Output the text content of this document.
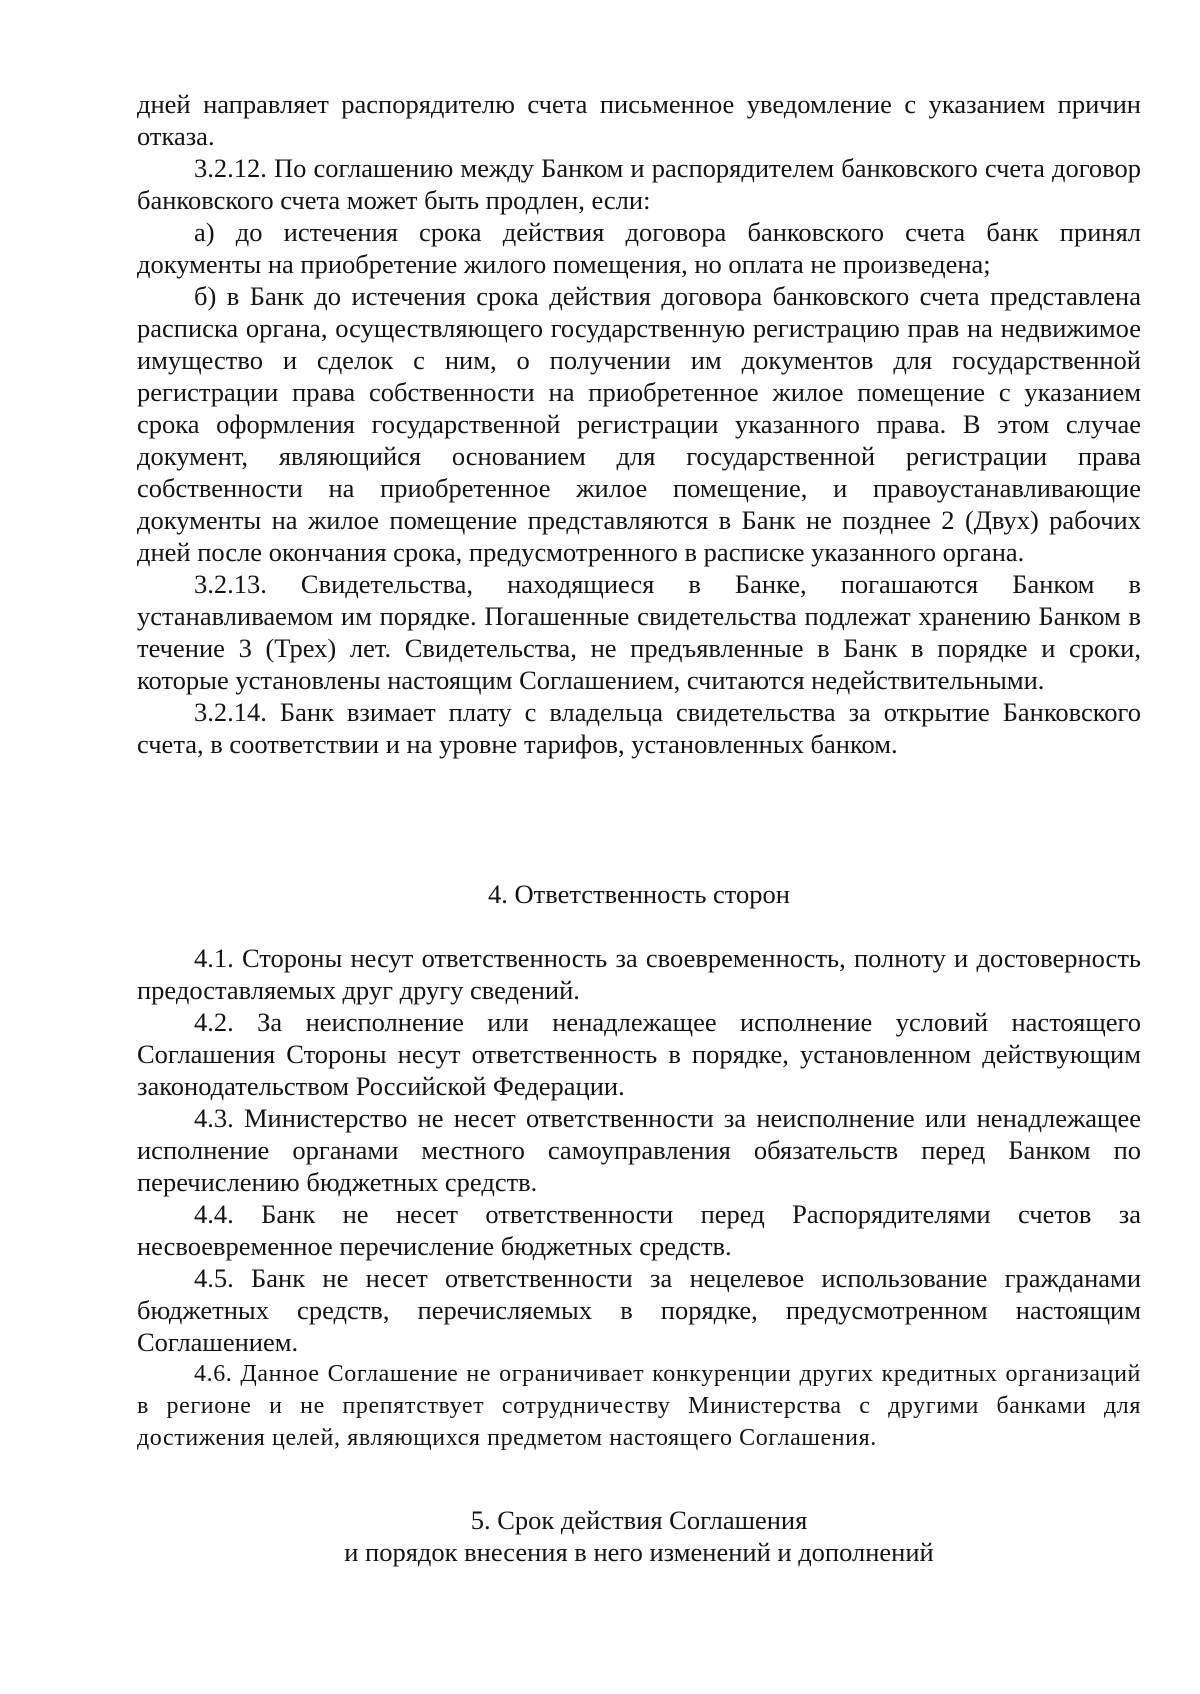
дней направляет распорядителю счета письменное уведомление с указанием причин отказа.

3.2.12. По соглашению между Банком и распорядителем банковского счета договор банковского счета может быть продлен, если:

а) до истечения срока действия договора банковского счета банк принял документы на приобретение жилого помещения, но оплата не произведена;

б) в Банк до истечения срока действия договора банковского счета представлена расписка органа, осуществляющего государственную регистрацию прав на недвижимое имущество и сделок с ним, о получении им документов для государственной регистрации права собственности на приобретенное жилое помещение с указанием срока оформления государственной регистрации указанного права. В этом случае документ, являющийся основанием для государственной регистрации права собственности на приобретенное жилое помещение, и правоустанавливающие документы на жилое помещение представляются в Банк не позднее 2 (Двух) рабочих дней после окончания срока, предусмотренного в расписке указанного органа.

3.2.13. Свидетельства, находящиеся в Банке, погашаются Банком в устанавливаемом им порядке. Погашенные свидетельства подлежат хранению Банком в течение 3 (Трех) лет. Свидетельства, не предъявленные в Банк в порядке и сроки, которые установлены настоящим Соглашением, считаются недействительными.

3.2.14. Банк взимает плату с владельца свидетельства за открытие Банковского счета, в соответствии и на уровне тарифов, установленных банком.

4. Ответственность сторон

4.1. Стороны несут ответственность за своевременность, полноту и достоверность предоставляемых друг другу сведений.

4.2. За неисполнение или ненадлежащее исполнение условий настоящего Соглашения Стороны несут ответственность в порядке, установленном действующим законодательством Российской Федерации.

4.3. Министерство не несет ответственности за неисполнение или ненадлежащее исполнение органами местного самоуправления обязательств перед Банком по перечислению бюджетных средств.

4.4. Банк не несет ответственности перед Распорядителями счетов за несвоевременное перечисление бюджетных средств.

4.5. Банк не несет ответственности за нецелевое использование гражданами бюджетных средств, перечисляемых в порядке, предусмотренном настоящим Соглашением.

4.6. Данное Соглашение не ограничивает конкуренции других кредитных организаций в регионе и не препятствует сотрудничеству Министерства с другими банками для достижения целей, являющихся предметом настоящего Соглашения.

5. Срок действия Соглашения
и порядок внесения в него изменений и дополнений
